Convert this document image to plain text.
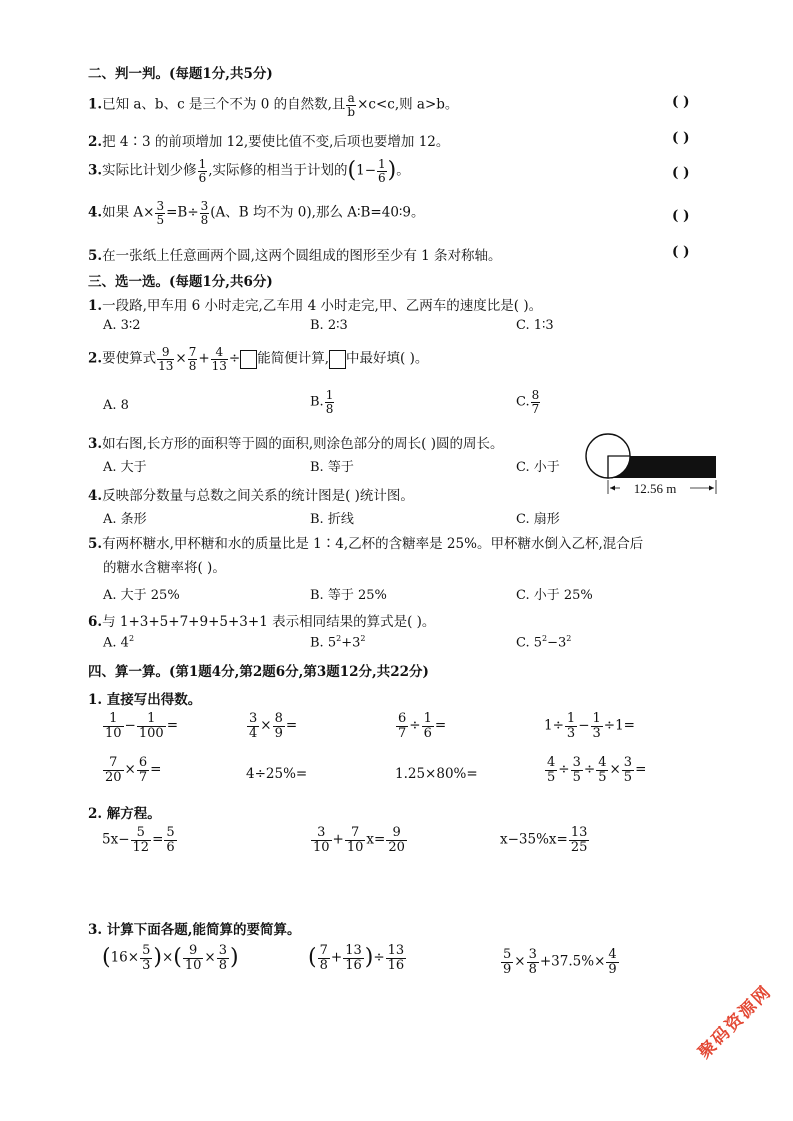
二、判一判。(每题1分,共5分)
1.已知 a、b、c 是三个不为 0 的自然数,且 $\frac{a}{b} \times c<c$,则 a>b。	( )
2.把 4∶3 的前项增加 12,要使比值不变,后项也要增加 12。	( )
3.实际比计划少修 $\frac{1}{6}$ ,实际修的相当于计划的($1- \frac{1}{6}$ )。	( )
4.如果 $A\times \frac{3}{5} =B\div \frac{3}{8} (A$、B 均不为 0),那么 A∶B=40∶9。	( )
5.在一张纸上任意画两个圆,这两个圆组成的图形至少有 1 条对称轴。	( )
三、选一选。(每题1分,共6分)
1.一段路,甲车用 6 小时走完,乙车用 4 小时走完,甲、乙两车的速度比是( )。
A. 3∶2	B. 2∶3	C. 1∶3
2.要使算式 $\frac{9}{13} \times \frac{7}{8} + \frac{4}{13}$ ÷ 能简便计算, 中最好填( )。
A. 8	B. $\frac{1}{8}$	C. $\frac{8}{7}$
3.如右图,长方形的面积等于圆的面积,则涂色部分的周长( )圆的周长。
A. 大于	B. 等于	C. 小于
12.56 m
4.反映部分数量与总数之间关系的统计图是( )统计图。
A. 条形	B. 折线	C. 扇形
5.有两杯糖水,甲杯糖和水的质量比是 1∶4,乙杯的含糖率是 25%。甲杯糖水倒入乙杯,混合后
的糖水含糖率将( )。
A. 大于 25%	B. 等于 25%	C. 小于 25%
6.与 1+3+5+7+9+5+3+1 表示相同结果的算式是( )。
A. $4^2$	B. $5^2+3^2$	C. $5^2-3^2$
四、算一算。(第1题4分,第2题6分,第3题12分,共22分)
1. 直接写出得数。
$\frac{1}{10} - \frac{1}{100}$ =	$\frac{3}{4} \times \frac{8}{9}$ =	$\frac{6}{7} \div \frac{1}{6}$ =	$1\div \frac{1}{3} - \frac{1}{3} \div 1=$
$\frac{7}{20} \times \frac{6}{7}$ =	4÷25%=	1.25×80%=	$\frac{4}{5} \div \frac{3}{5} \div \frac{4}{5} \times \frac{3}{5}$ =
2. 解方程。
$5x- \frac{5}{12} = \frac{5}{6}$	$\frac{3}{10} + \frac{7}{10} x= \frac{9}{20}$	$x-35\%x= \frac{13}{25}$
3. 计算下面各题,能简算的要简算。
($16\times \frac{5}{3}$ )×( $\frac{9}{10} \times \frac{3}{8}$ )	( $\frac{7}{8} + \frac{13}{16}$ )÷ $\frac{13}{16}$	$\frac{5}{9} \times \frac{3}{8} +37.5\%\times \frac{4}{9}$
聚码资源网
